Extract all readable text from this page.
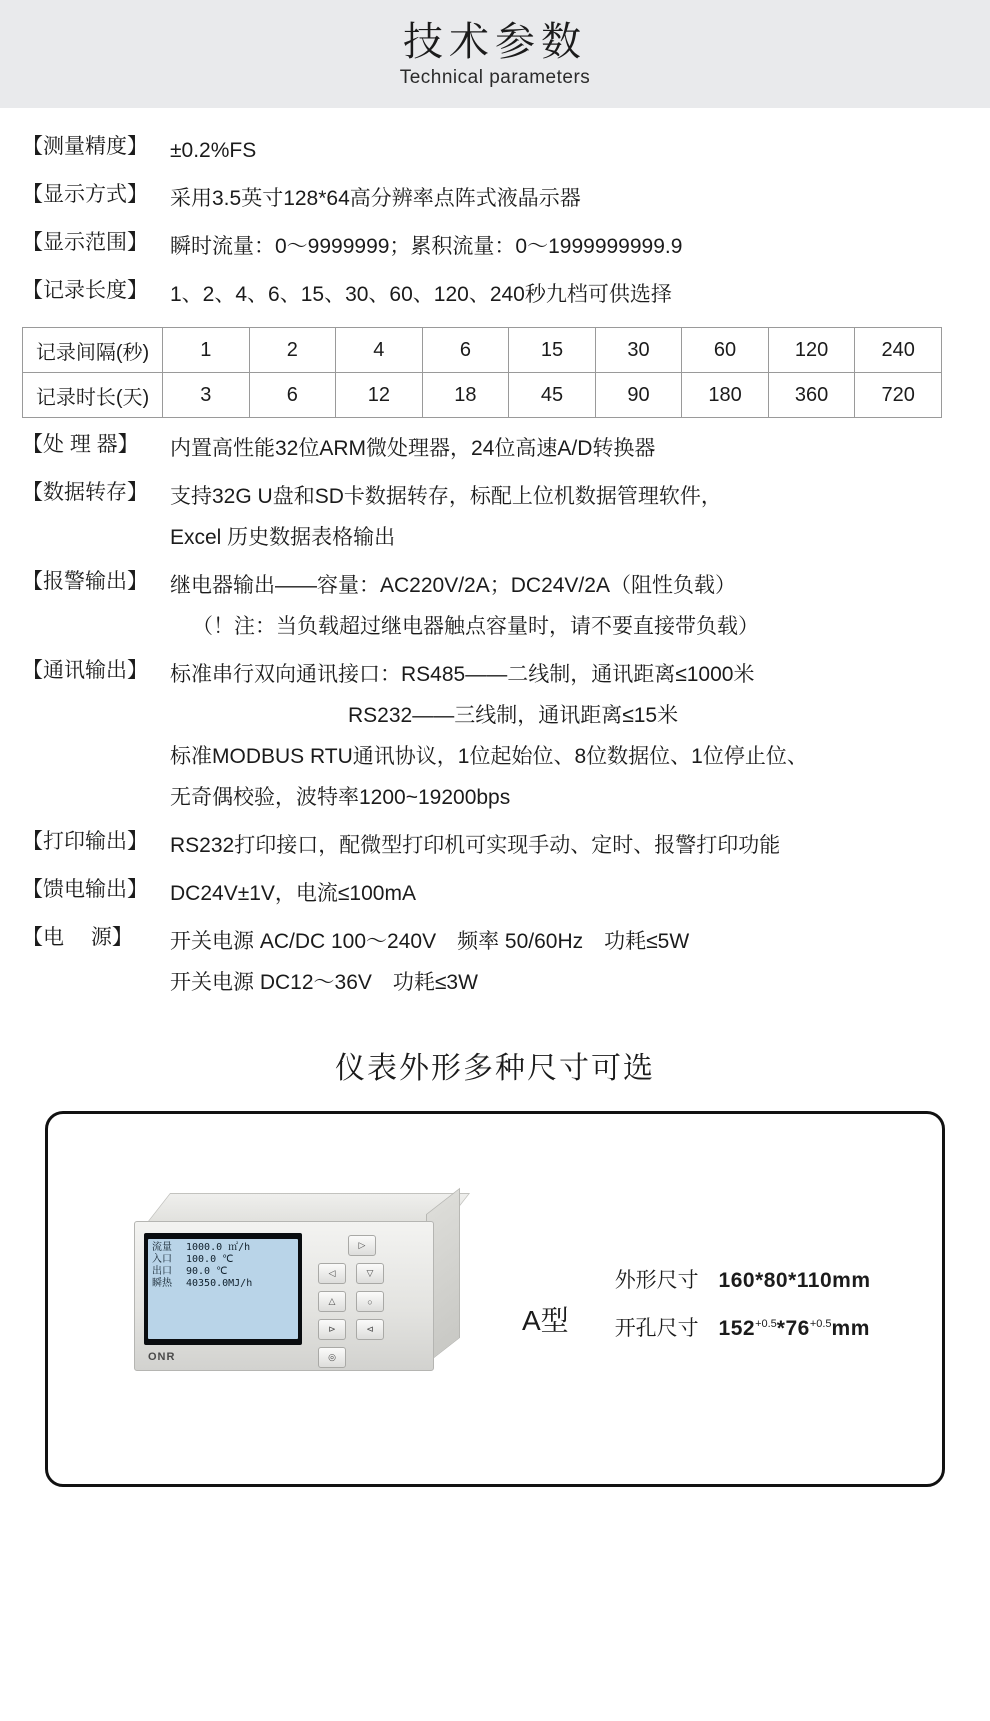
技术参数
Technical parameters
【测量精度】	±0.2%FS
【显示方式】	采用3.5英寸128*64高分辨率点阵式液晶示器
【显示范围】	瞬时流量：0～9999999；累积流量：0～1999999999.9
【记录长度】	1、2、4、6、15、30、60、120、240秒九档可供选择
记录间隔(秒)	1	2	4	6	15	30	60	120	240
记录时长(天)	3	6	12	18	45	90	180	360	720
【处 理 器】	内置高性能32位ARM微处理器，24位高速A/D转换器
【数据转存】	支持32G U盘和SD卡数据转存，标配上位机数据管理软件，
Excel 历史数据表格输出
【报警输出】	继电器输出——容量：AC220V/2A；DC24V/2A（阻性负载）
（！注：当负载超过继电器触点容量时，请不要直接带负载）
【通讯输出】	标准串行双向通讯接口：RS485——二线制，通讯距离≤1000米
RS232——三线制，通讯距离≤15米
标准MODBUS RTU通讯协议，1位起始位、8位数据位、1位停止位、
无奇偶校验，波特率1200~19200bps
【打印输出】	RS232打印接口，配微型打印机可实现手动、定时、报警打印功能
【馈电输出】	DC24V±1V，电流≤100mA
【电　 源】	开关电源 AC/DC 100～240V　频率 50/60Hz　功耗≤5W
开关电源 DC12～36V　功耗≤3W
仪表外形多种尺寸可选
流量	1000.0 ㎡/h
入口	100.0 ℃
出口	90.0 ℃
瞬热	40350.0MJ/h
ONR
▷
◁	▽
△	○
⊳	⊲
◎
A型
外形尺寸 160*80*110mm
开孔尺寸 $152^{+0.5}*76^{+0.5}mm$
